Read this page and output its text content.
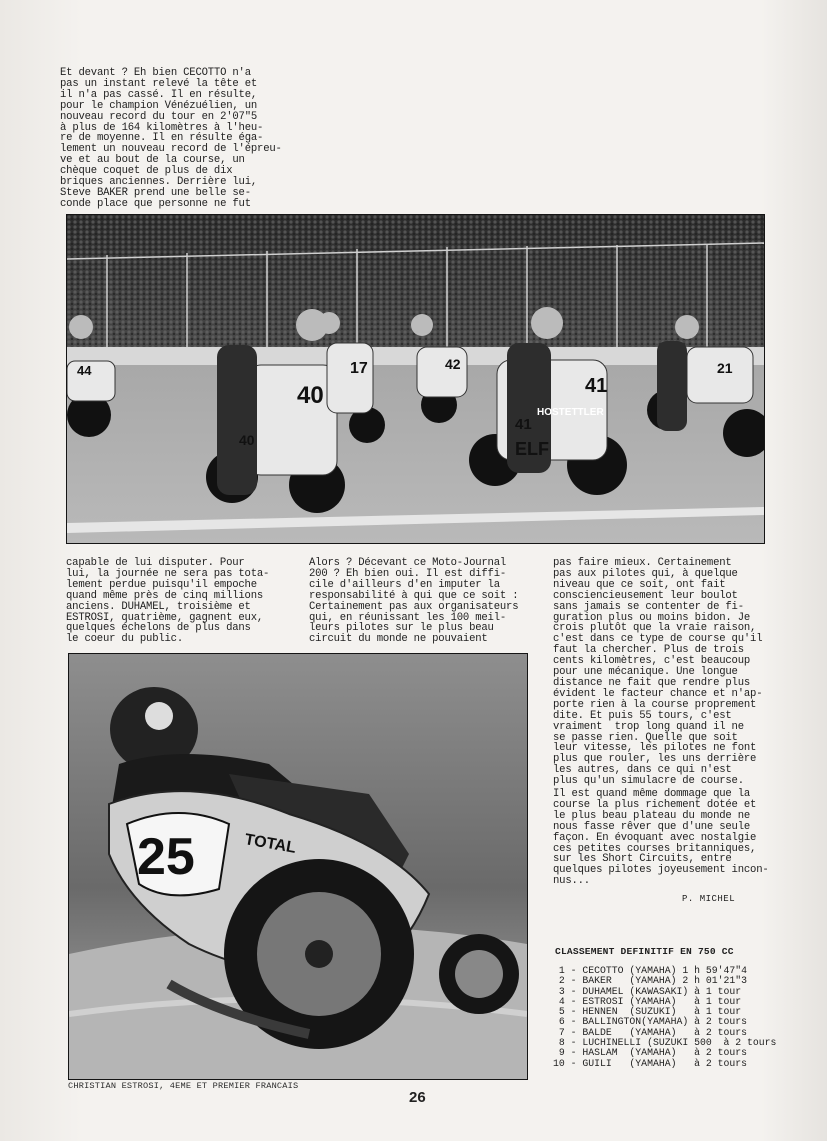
Et devant ? Eh bien CECOTTO n'a
pas un instant relevé la tête et
il n'a pas cassé. Il en résulte,
pour le champion Vénézuélien, un
nouveau record du tour en 2'07"5
à plus de 164 kilomètres à l'heu-
re de moyenne. Il en résulte éga-
lement un nouveau record de l'épreu-
ve et au bout de la course, un
chèque coquet de plus de dix
briques anciennes. Derrière lui,
Steve BAKER prend une belle se-
conde place que personne ne fut
40
17	42
41
21
44
40
41
HOSTETTLER
ELF
capable de lui disputer. Pour
lui, la journée ne sera pas tota-
lement perdue puisqu'il empoche
quand même près de cinq millions
anciens. DUHAMEL, troisième et
ESTROSI, quatrième, gagnent eux,
quelques échelons de plus dans
le coeur du public.
Alors ? Décevant ce Moto-Journal
200 ? Eh bien oui. Il est diffi-
cile d'ailleurs d'en imputer la
responsabilité à qui que ce soit :
Certainement pas aux organisateurs
qui, en réunissant les 100 meil-
leurs pilotes sur le plus beau
circuit du monde ne pouvaient
pas faire mieux. Certainement
pas aux pilotes qui, à quelque
niveau que ce soit, ont fait
consciencieusement leur boulot
sans jamais se contenter de fi-
guration plus ou moins bidon. Je
crois plutôt que la vraie raison,
c'est dans ce type de course qu'il
faut la chercher. Plus de trois
cents kilomètres, c'est beaucoup
pour une mécanique. Une longue
distance ne fait que rendre plus
évident le facteur chance et n'ap-
porte rien à la course proprement
dite. Et puis 55 tours, c'est
vraiment  trop long quand il ne
se passe rien. Quelle que soit
leur vitesse, les pilotes ne font
plus que rouler, les uns derrière
les autres, dans ce qui n'est
plus qu'un simulacre de course.
Il est quand même dommage que la
course la plus richement dotée et
le plus beau plateau du monde ne
nous fasse rêver que d'une seule
façon. En évoquant avec nostalgie
ces petites courses britanniques,
sur les Short Circuits, entre
quelques pilotes joyeusement incon-
nus...
P. MICHEL
25	TOTAL
CHRISTIAN ESTROSI, 4EME ET PREMIER FRANCAIS
CLASSEMENT DEFINITIF EN 750 CC
1 - CECOTTO (YAMAHA) 1 h 59'47"4
2 - BAKER   (YAMAHA) 2 h 01'21"3
3 - DUHAMEL (KAWASAKI) à 1 tour
4 - ESTROSI (YAMAHA)   à 1 tour
5 - HENNEN  (SUZUKI)   à 1 tour
6 - BALLINGTON(YAMAHA) à 2 tours
7 - BALDE   (YAMAHA)   à 2 tours
8 - LUCHINELLI (SUZUKI 500  à 2 tours
9 - HASLAM  (YAMAHA)   à 2 tours
10 - GUILI   (YAMAHA)   à 2 tours
26
